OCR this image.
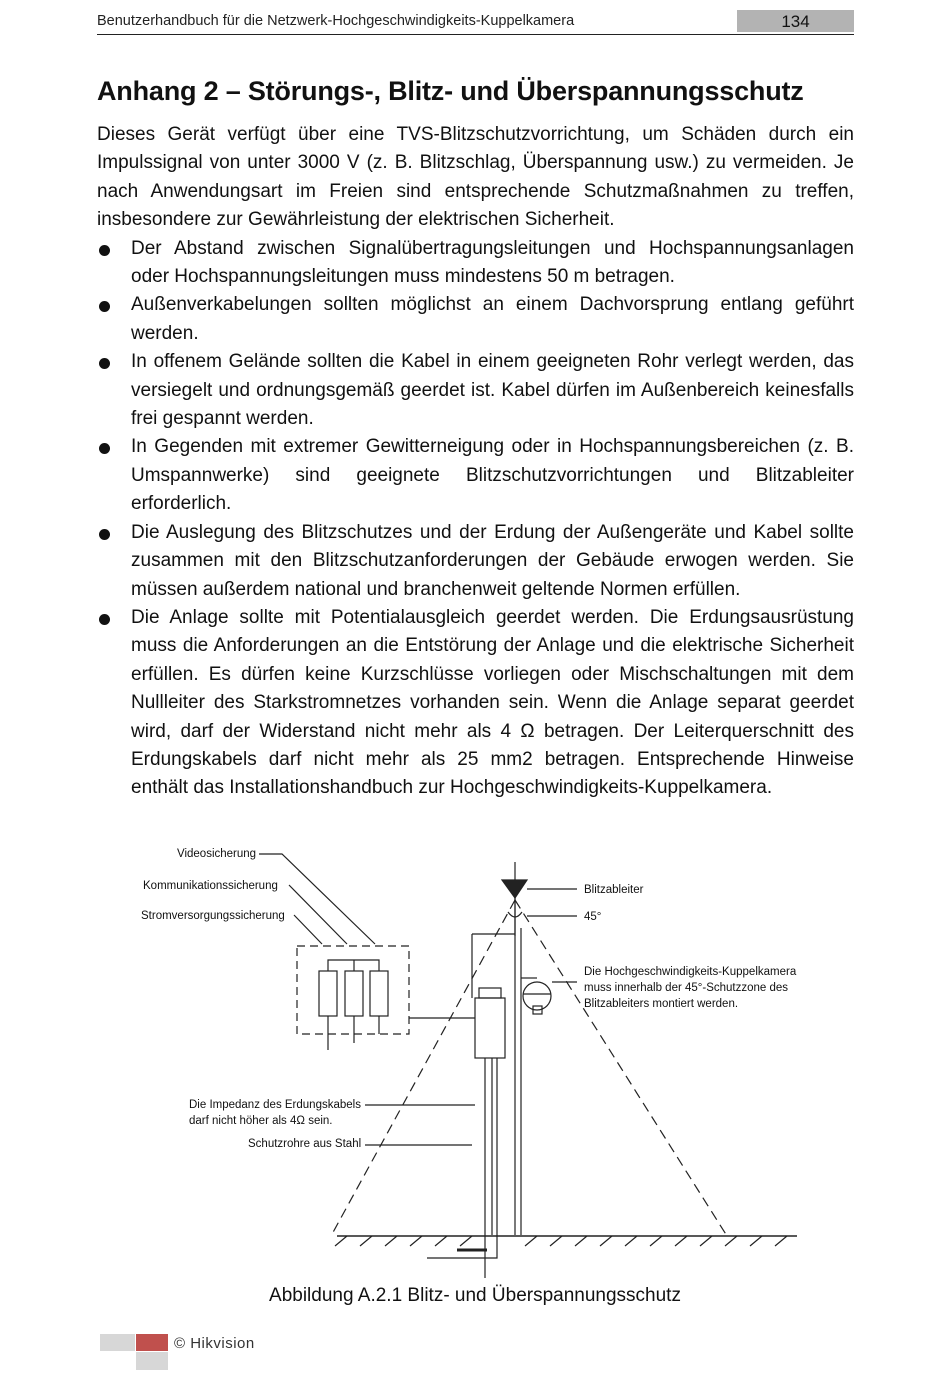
Benutzerhandbuch für die Netzwerk-Hochgeschwindigkeits-Kuppelkamera	134
Anhang 2 – Störungs-, Blitz- und Überspannungsschutz

Dieses Gerät verfügt über eine TVS-Blitzschutzvorrichtung, um Schäden durch ein Impulssignal von unter 3000 V (z. B. Blitzschlag, Überspannung usw.) zu vermeiden. Je nach Anwendungsart im Freien sind entsprechende Schutzmaßnahmen zu treffen, insbesondere zur Gewährleistung der elektrischen Sicherheit.

Der Abstand zwischen Signalübertragungsleitungen und Hochspannungsanlagen oder Hochspannungsleitungen muss mindestens 50 m betragen.
Außenverkabelungen sollten möglichst an einem Dachvorsprung entlang geführt werden.
In offenem Gelände sollten die Kabel in einem geeigneten Rohr verlegt werden, das versiegelt und ordnungsgemäß geerdet ist. Kabel dürfen im Außenbereich keinesfalls frei gespannt werden.
In Gegenden mit extremer Gewitterneigung oder in Hochspannungsbereichen (z. B. Umspannwerke) sind geeignete Blitzschutzvorrichtungen und Blitzableiter erforderlich.
Die Auslegung des Blitzschutzes und der Erdung der Außengeräte und Kabel sollte zusammen mit den Blitzschutzanforderungen der Gebäude erwogen werden. Sie müssen außerdem national und branchenweit geltende Normen erfüllen.
Die Anlage sollte mit Potentialausgleich geerdet werden. Die Erdungsausrüstung muss die Anforderungen an die Entstörung der Anlage und die elektrische Sicherheit erfüllen. Es dürfen keine Kurzschlüsse vorliegen oder Mischschaltungen mit dem Nullleiter des Starkstromnetzes vorhanden sein. Wenn die Anlage separat geerdet wird, darf der Widerstand nicht mehr als 4 Ω betragen. Der Leiterquerschnitt des Erdungskabels darf nicht mehr als 25 mm2 betragen. Entsprechende Hinweise enthält das Installationshandbuch zur Hochgeschwindigkeits-Kuppelkamera.
Videosicherung
Kommunikationssicherung
Stromversorgungssicherung
Blitzableiter
45°
Die Hochgeschwindigkeits-Kuppelkamera
muss innerhalb der 45°-Schutzzone des
Blitzableiters montiert werden.
Die Impedanz des Erdungskabels
darf nicht höher als 4Ω sein.
Schutzrohre aus Stahl
Abbildung A.2.1 Blitz- und Überspannungsschutz
© Hikvision
